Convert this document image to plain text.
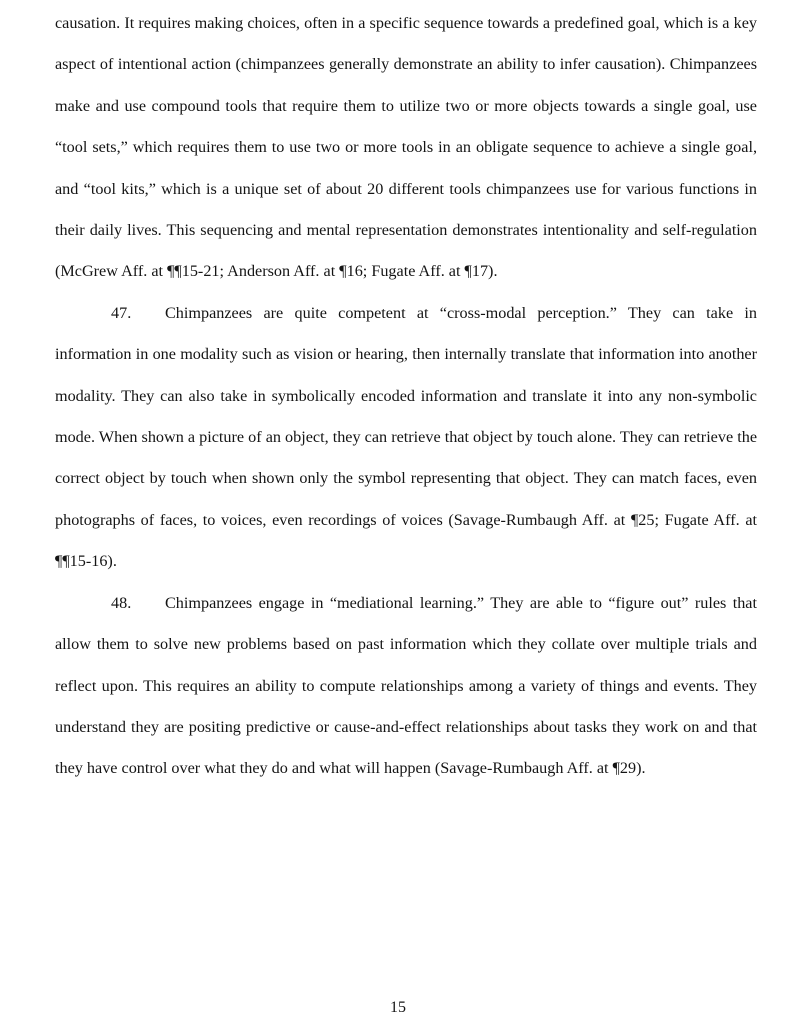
causation. It requires making choices, often in a specific sequence towards a predefined goal, which is a key aspect of intentional action (chimpanzees generally demonstrate an ability to infer causation). Chimpanzees make and use compound tools that require them to utilize two or more objects towards a single goal, use “tool sets,” which requires them to use two or more tools in an obligate sequence to achieve a single goal, and “tool kits,” which is a unique set of about 20 different tools chimpanzees use for various functions in their daily lives. This sequencing and mental representation demonstrates intentionality and self-regulation (McGrew Aff. at ¶¶15-21; Anderson Aff. at ¶16; Fugate Aff. at ¶17).

47. Chimpanzees are quite competent at “cross-modal perception.” They can take in information in one modality such as vision or hearing, then internally translate that information into another modality. They can also take in symbolically encoded information and translate it into any non-symbolic mode. When shown a picture of an object, they can retrieve that object by touch alone. They can retrieve the correct object by touch when shown only the symbol representing that object. They can match faces, even photographs of faces, to voices, even recordings of voices (Savage-Rumbaugh Aff. at ¶25; Fugate Aff. at ¶¶15-16).

48. Chimpanzees engage in “mediational learning.” They are able to “figure out” rules that allow them to solve new problems based on past information which they collate over multiple trials and reflect upon. This requires an ability to compute relationships among a variety of things and events. They understand they are positing predictive or cause-and-effect relationships about tasks they work on and that they have control over what they do and what will happen (Savage-Rumbaugh Aff. at ¶29).

15
